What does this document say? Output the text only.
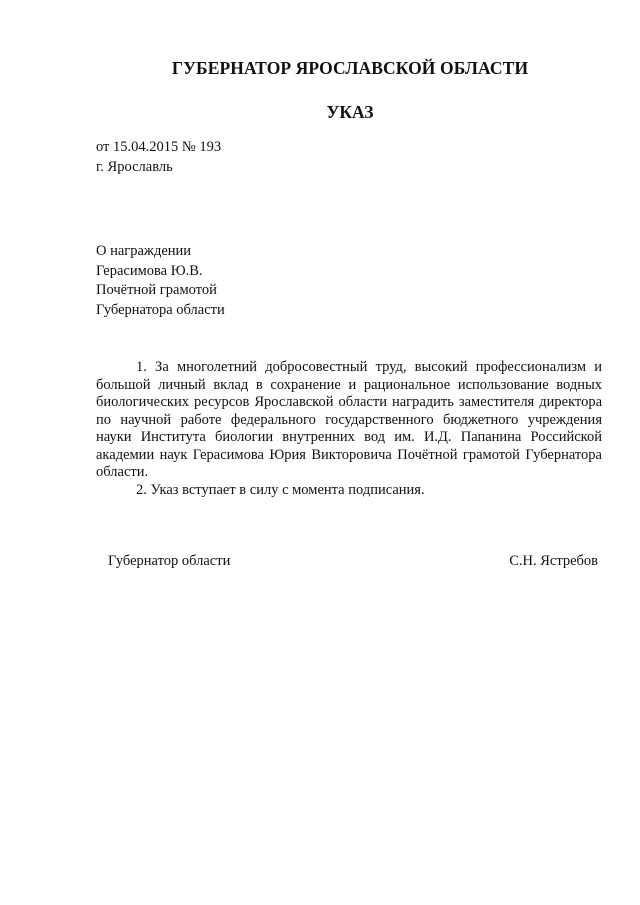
ГУБЕРНАТОР ЯРОСЛАВСКОЙ ОБЛАСТИ
УКАЗ
от 15.04.2015 № 193
г. Ярославль
О награждении
Герасимова Ю.В.
Почётной грамотой
Губернатора области

1. За многолетний добросовестный труд, высокий профессионализм и большой личный вклад в сохранение и рациональное использование водных биологических ресурсов Ярославской области наградить заместителя директора по научной работе федерального государственного бюджетного учреждения науки Института биологии внутренних вод им. И.Д. Папанина Российской академии наук Герасимова Юрия Викторовича Почётной грамотой Губернатора области.

2. Указ вступает в силу с момента подписания.

Губернатор области	С.Н. Ястребов
